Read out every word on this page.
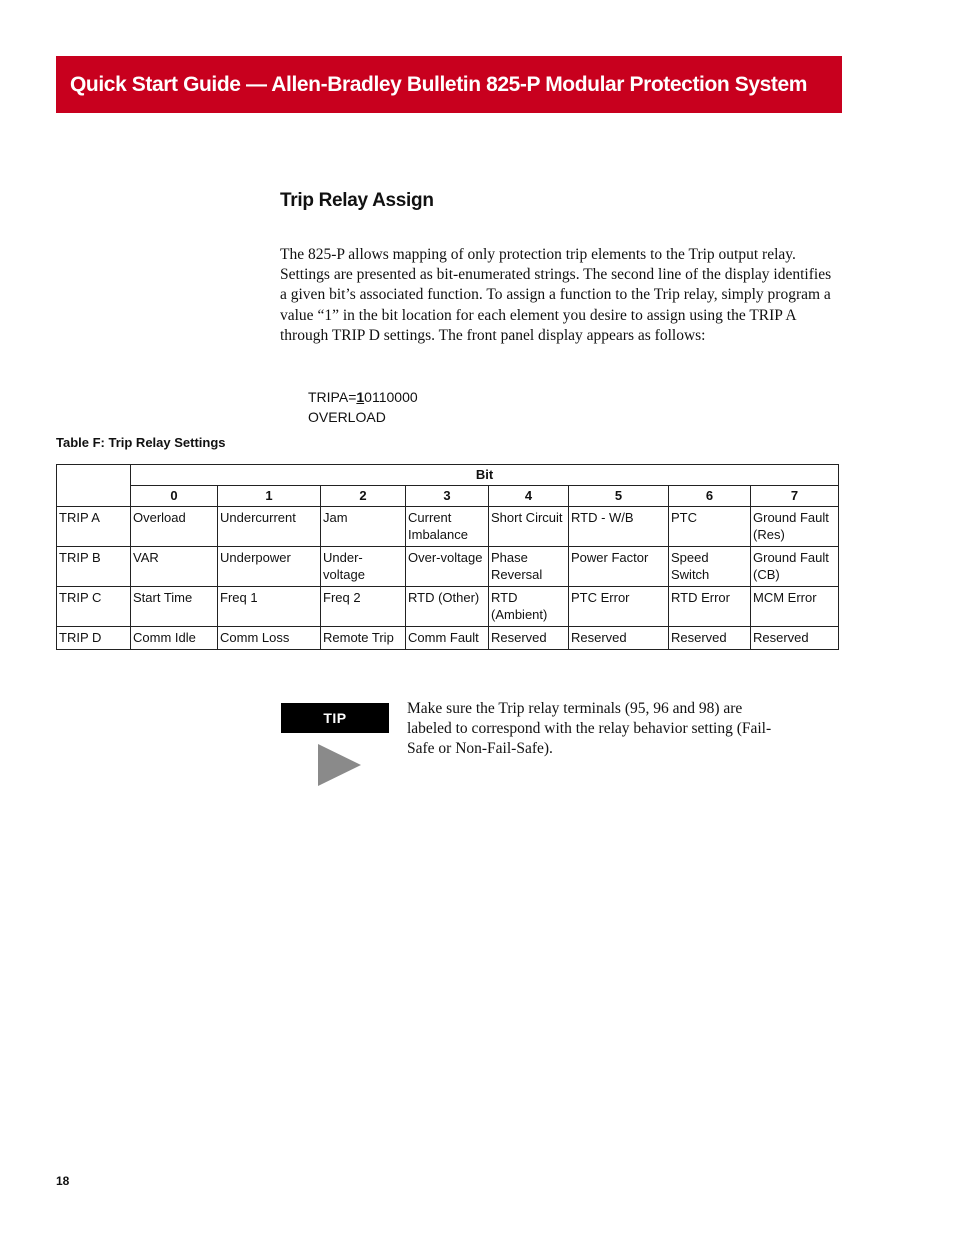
Quick Start Guide — Allen-Bradley Bulletin 825-P Modular Protection System
Trip Relay Assign
The 825-P allows mapping of only protection trip elements to the Trip output relay. Settings are presented as bit-enumerated strings. The second line of the display identifies a given bit’s associated function. To assign a function to the Trip relay, simply program a value “1” in the bit location for each element you desire to assign using the TRIP A through TRIP D settings. The front panel display appears as follows:
TRIPA=10110000
OVERLOAD
Table F: Trip Relay Settings
	Bit							
	0	1	2	3	4	5	6	7
TRIP A	Overload	Undercurrent	Jam	Current Imbalance	Short Circuit	RTD - W/B	PTC	Ground Fault (Res)
TRIP B	VAR	Underpower	Under-voltage	Over-voltage	Phase Reversal	Power Factor	Speed Switch	Ground Fault (CB)
TRIP C	Start Time	Freq 1	Freq 2	RTD (Other)	RTD (Ambient)	PTC Error	RTD Error	MCM Error
TRIP D	Comm Idle	Comm Loss	Remote Trip	Comm Fault	Reserved	Reserved	Reserved	Reserved
TIP
Make sure the Trip relay terminals (95, 96 and 98) are labeled to correspond with the relay behavior setting (Fail-Safe or Non-Fail-Safe).
18
